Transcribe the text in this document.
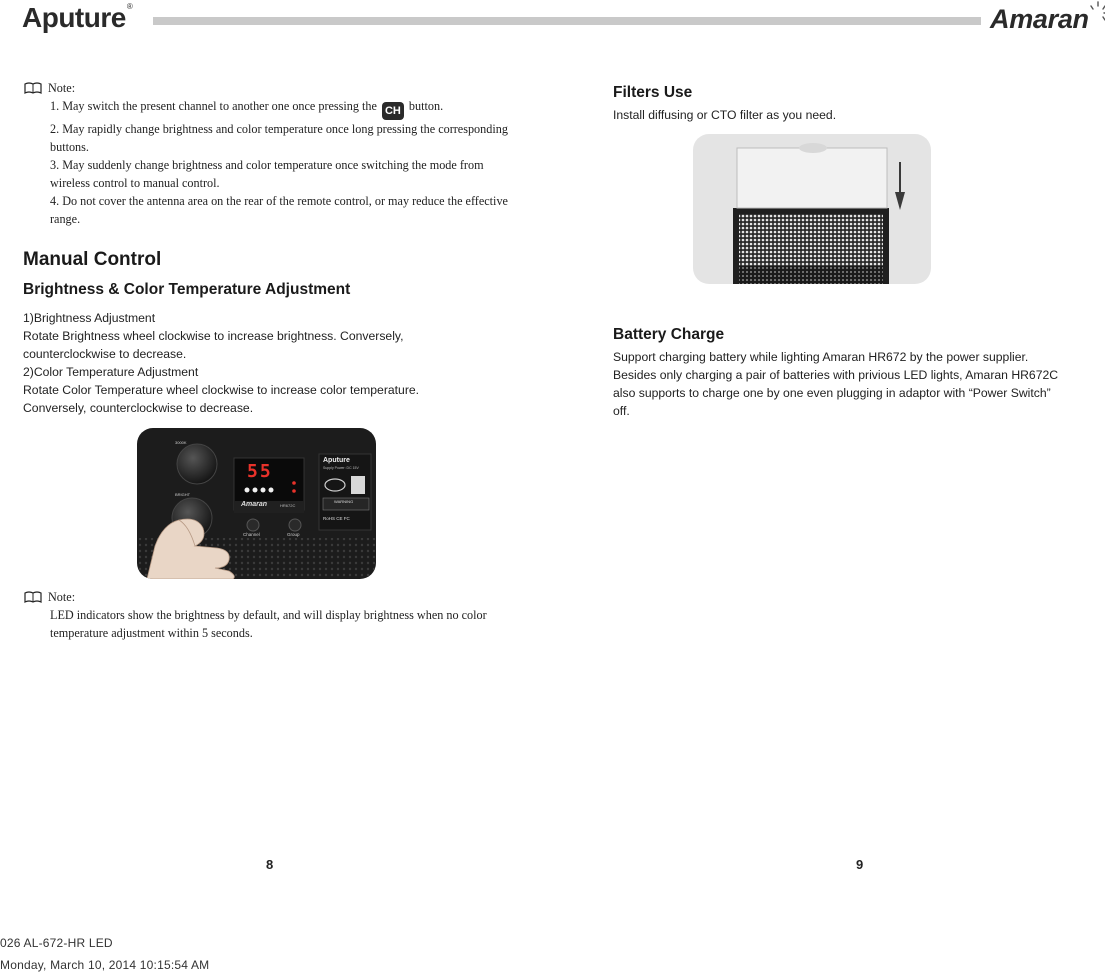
Aputure®	Amaran
Note:
1. May switch the present channel to another one once pressing the CH button.
2. May rapidly change brightness and color temperature once long pressing the corresponding buttons.
3. May suddenly change brightness and color temperature once switching the mode from wireless control to manual control.
4. Do not cover the antenna area on the rear of the remote control, or may reduce the effective range.
Manual Control
Brightness & Color Temperature Adjustment
1)Brightness Adjustment
Rotate Brightness wheel clockwise to increase brightness. Conversely,
counterclockwise to decrease.
2)Color Temperature Adjustment
Rotate Color Temperature wheel clockwise to increase color temperature.
Conversely, counterclockwise to decrease.
55
Aputure
Supply Power: DC 15V
WARNING
RoHS CE FC
Amaran	HR672C
3000K
BRIGHT
Channel	Group
Note:
LED indicators show the brightness by default, and will display brightness when no color temperature adjustment within 5 seconds.
8
Filters Use
Install diffusing or CTO filter as you need.
Battery Charge
Support charging battery while lighting Amaran HR672 by the power supplier.
Besides only charging a pair of batteries with privious LED lights, Amaran HR672C
also supports to charge one by one even plugging in adaptor with “Power Switch”
off.
9
026 AL-672-HR LED
Monday, March 10, 2014 10:15:54 AM
